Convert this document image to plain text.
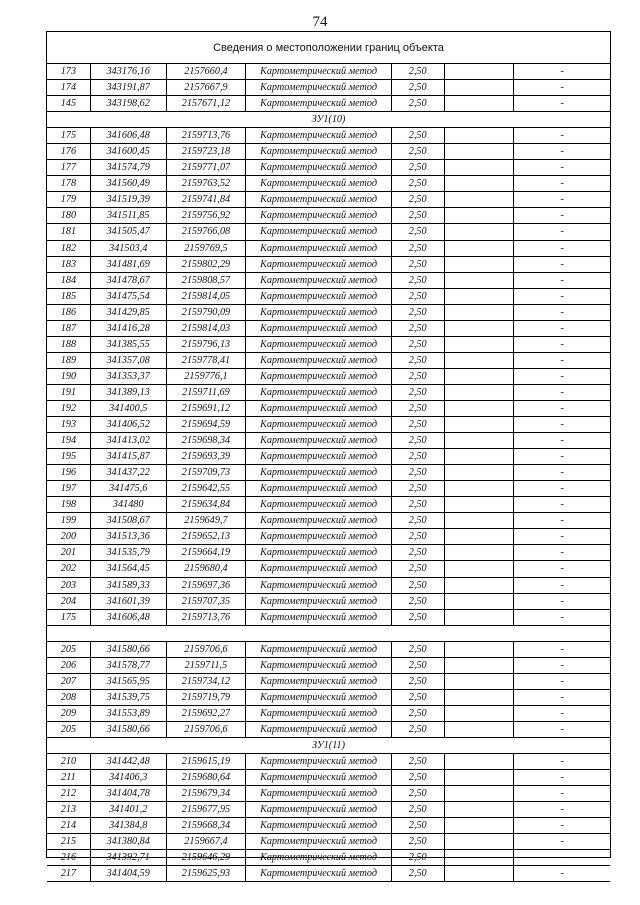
74
Сведения о местоположении границ объекта
173	343176,16	2157660,4	Картометрический метод	2,50	-
174	343191,87	2157667,9	Картометрический метод	2,50	-
145	343198,62	2157671,12	Картометрический метод	2,50	-
ЗУ1(10)
175	341606,48	2159713,76	Картометрический метод	2,50	-
176	341600,45	2159723,18	Картометрический метод	2,50	-
177	341574,79	2159771,07	Картометрический метод	2,50	-
178	341560,49	2159763,52	Картометрический метод	2,50	-
179	341519,39	2159741,84	Картометрический метод	2,50	-
180	341511,85	2159756,92	Картометрический метод	2,50	-
181	341505,47	2159766,08	Картометрический метод	2,50	-
182	341503,4	2159769,5	Картометрический метод	2,50	-
183	341481,69	2159802,29	Картометрический метод	2,50	-
184	341478,67	2159808,57	Картометрический метод	2,50	-
185	341475,54	2159814,05	Картометрический метод	2,50	-
186	341429,85	2159790,09	Картометрический метод	2,50	-
187	341416,28	2159814,03	Картометрический метод	2,50	-
188	341385,55	2159796,13	Картометрический метод	2,50	-
189	341357,08	2159778,41	Картометрический метод	2,50	-
190	341353,37	2159776,1	Картометрический метод	2,50	-
191	341389,13	2159711,69	Картометрический метод	2,50	-
192	341400,5	2159691,12	Картометрический метод	2,50	-
193	341406,52	2159694,59	Картометрический метод	2,50	-
194	341413,02	2159698,34	Картометрический метод	2,50	-
195	341415,87	2159693,39	Картометрический метод	2,50	-
196	341437,22	2159709,73	Картометрический метод	2,50	-
197	341475,6	2159642,55	Картометрический метод	2,50	-
198	341480	2159634,84	Картометрический метод	2,50	-
199	341508,67	2159649,7	Картометрический метод	2,50	-
200	341513,36	2159652,13	Картометрический метод	2,50	-
201	341535,79	2159664,19	Картометрический метод	2,50	-
202	341564,45	2159680,4	Картометрический метод	2,50	-
203	341589,33	2159697,36	Картометрический метод	2,50	-
204	341601,39	2159707,35	Картометрический метод	2,50	-
175	341606,48	2159713,76	Картометрический метод	2,50	-
205	341580,66	2159706,6	Картометрический метод	2,50	-
206	341578,77	2159711,5	Картометрический метод	2,50	-
207	341565,95	2159734,12	Картометрический метод	2,50	-
208	341539,75	2159719,79	Картометрический метод	2,50	-
209	341553,89	2159692,27	Картометрический метод	2,50	-
205	341580,66	2159706,6	Картометрический метод	2,50	-
ЗУ1(11)
210	341442,48	2159615,19	Картометрический метод	2,50	-
211	341406,3	2159680,64	Картометрический метод	2,50	-
212	341404,78	2159679,34	Картометрический метод	2,50	-
213	341401,2	2159677,95	Картометрический метод	2,50	-
214	341384,8	2159668,34	Картометрический метод	2,50	-
215	341380,84	2159667,4	Картометрический метод	2,50	-
216	341392,71	2159646,29	Картометрический метод	2,50	-
217	341404,59	2159625,93	Картометрический метод	2,50	-
